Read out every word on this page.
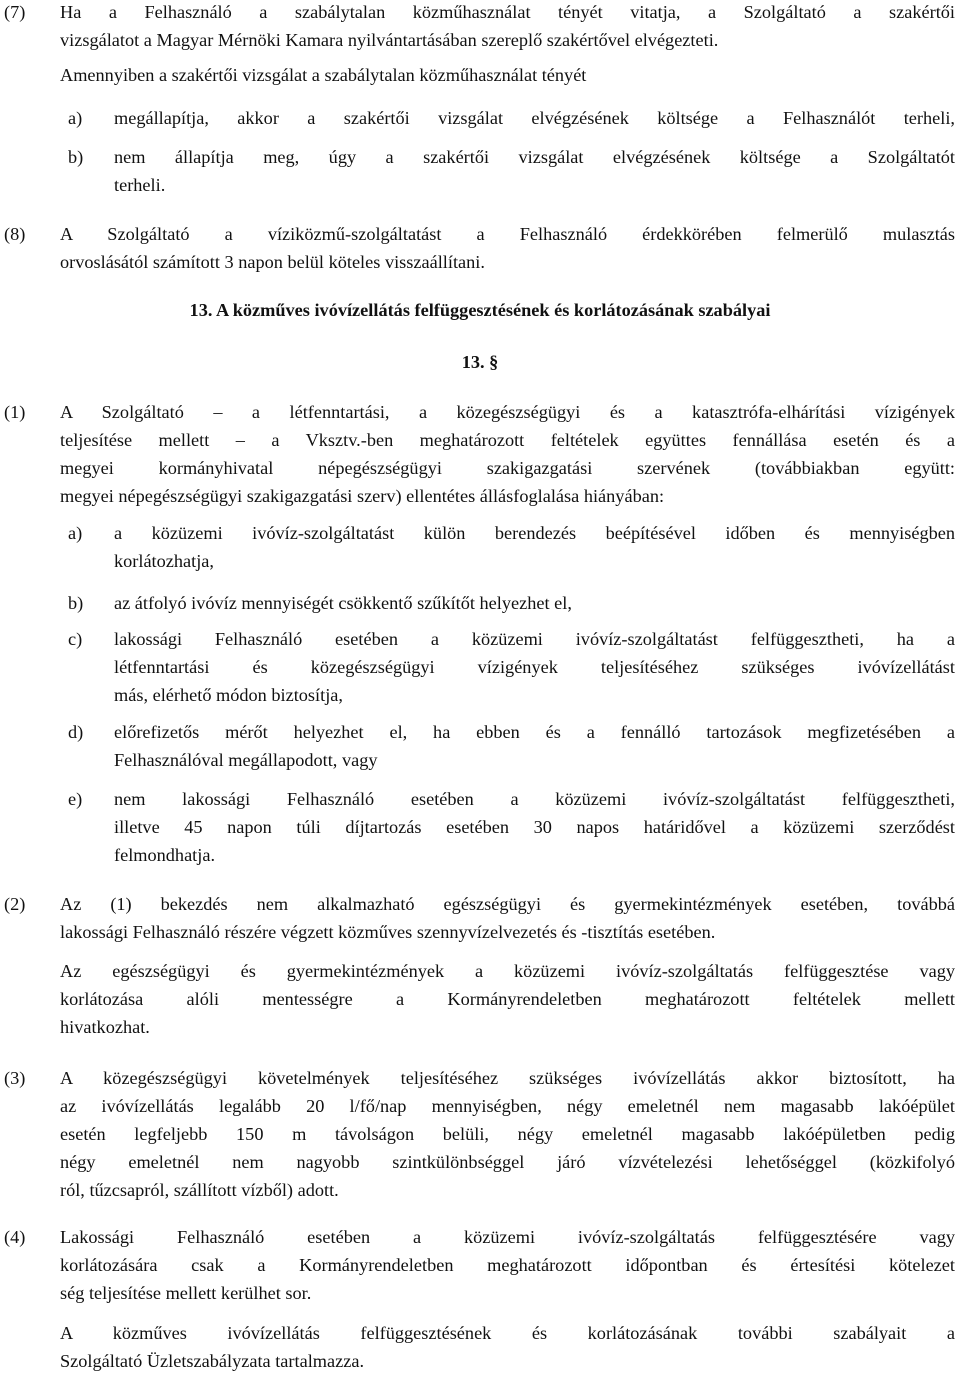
(7) Ha a Felhasználó a szabálytalan közműhasználat tényét vitatja, a Szolgáltató a szakértői
vizsgálatot a Magyar Mérnöki Kamara nyilvántartásában szereplő szakértővel elvégezteti.
Amennyiben a szakértői vizsgálat a szabálytalan közműhasználat tényét
a) megállapítja, akkor a szakértői vizsgálat elvégzésének költsége a Felhasználót terheli,
b) nem állapítja meg, úgy a szakértői vizsgálat elvégzésének költsége a Szolgáltatót
terheli.
(8) A Szolgáltató a víziközmű-szolgáltatást a Felhasználó érdekkörében felmerülő mulasztás
orvoslásától számított 3 napon belül köteles visszaállítani.
13. A közműves ivóvízellátás felfüggesztésének és korlátozásának szabályai
13. §
(1) A Szolgáltató – a létfenntartási, a közegészségügyi és a katasztrófa-elhárítási vízigények
teljesítése mellett – a Vksztv.-ben meghatározott feltételek együttes fennállása esetén és a
megyei kormányhivatal népegészségügyi szakigazgatási szervének (továbbiakban együtt:
megyei népegészségügyi szakigazgatási szerv) ellentétes állásfoglalása hiányában:
a) a közüzemi ivóvíz-szolgáltatást külön berendezés beépítésével időben és mennyiségben
korlátozhatja,
b) az átfolyó ivóvíz mennyiségét csökkentő szűkítőt helyezhet el,
c) lakossági Felhasználó esetében a közüzemi ivóvíz-szolgáltatást felfüggesztheti, ha a
létfenntartási és közegészségügyi vízigények teljesítéséhez szükséges ivóvízellátást
más, elérhető módon biztosítja,
d) előrefizetős mérőt helyezhet el, ha ebben és a fennálló tartozások megfizetésében a
Felhasználóval megállapodott, vagy
e) nem lakossági Felhasználó esetében a közüzemi ivóvíz-szolgáltatást felfüggesztheti,
illetve 45 napon túli díjtartozás esetében 30 napos határidővel a közüzemi szerződést
felmondhatja.
(2) Az (1) bekezdés nem alkalmazható egészségügyi és gyermekintézmények esetében, továbbá
lakossági Felhasználó részére végzett közműves szennyvízelvezetés és -tisztítás esetében.
Az egészségügyi és gyermekintézmények a közüzemi ivóvíz-szolgáltatás felfüggesztése vagy
korlátozása alóli mentességre a Kormányrendeletben meghatározott feltételek mellett
hivatkozhat.
(3) A közegészségügyi követelmények teljesítéséhez szükséges ivóvízellátás akkor biztosított, ha
az ivóvízellátás legalább 20 l/fő/nap mennyiségben, négy emeletnél nem magasabb lakóépület
esetén legfeljebb 150 m távolságon belüli, négy emeletnél magasabb lakóépületben pedig
négy emeletnél nem nagyobb szintkülönbséggel járó vízvételezési lehetőséggel (közkifolyó
ról, tűzcsapról, szállított vízből) adott.
(4) Lakossági Felhasználó esetében a közüzemi ivóvíz-szolgáltatás felfüggesztésére vagy
korlátozására csak a Kormányrendeletben meghatározott időpontban és értesítési kötelezet
ség teljesítése mellett kerülhet sor.
A közműves ivóvízellátás felfüggesztésének és korlátozásának további szabályait a
Szolgáltató Üzletszabályzata tartalmazza.
